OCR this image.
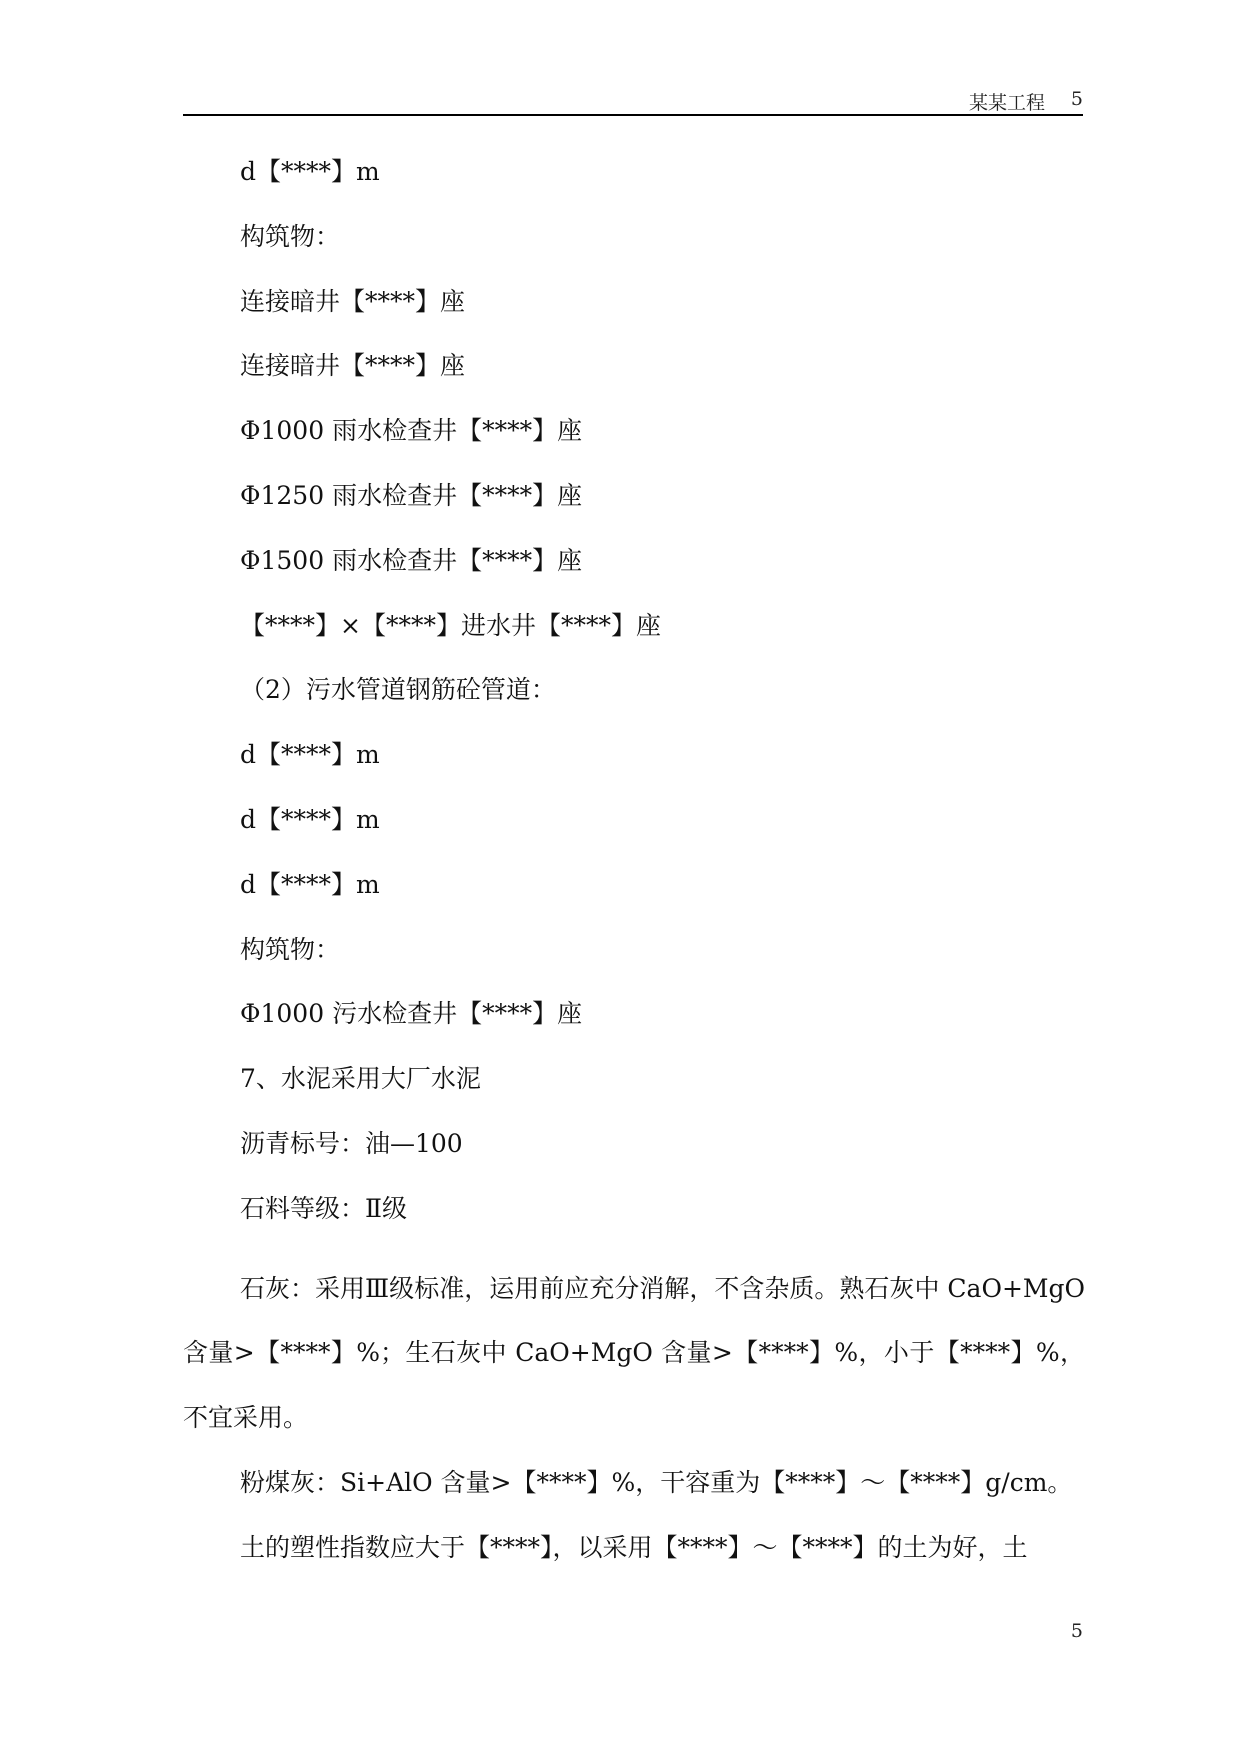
某某工程 5
d【****】m
构筑物：
连接暗井【****】座
连接暗井【****】座
Φ1000 雨水检查井【****】座
Φ1250 雨水检查井【****】座
Φ1500 雨水检查井【****】座
【****】×【****】进水井【****】座
（2）污水管道钢筋砼管道：
d【****】m
d【****】m
d【****】m
构筑物：
Φ1000 污水检查井【****】座
7、水泥采用大厂水泥
沥青标号：油—100
石料等级：Ⅱ级
石灰：采用Ⅲ级标准，运用前应充分消解，不含杂质。熟石灰中 CaO+MgO 含量>【****】%；生石灰中 CaO+MgO 含量>【****】%，小于【****】%，不宜采用。
粉煤灰：Si+AlO 含量>【****】%，干容重为【****】～【****】g/cm。
土的塑性指数应大于【****】，以采用【****】～【****】的土为好，土
5
